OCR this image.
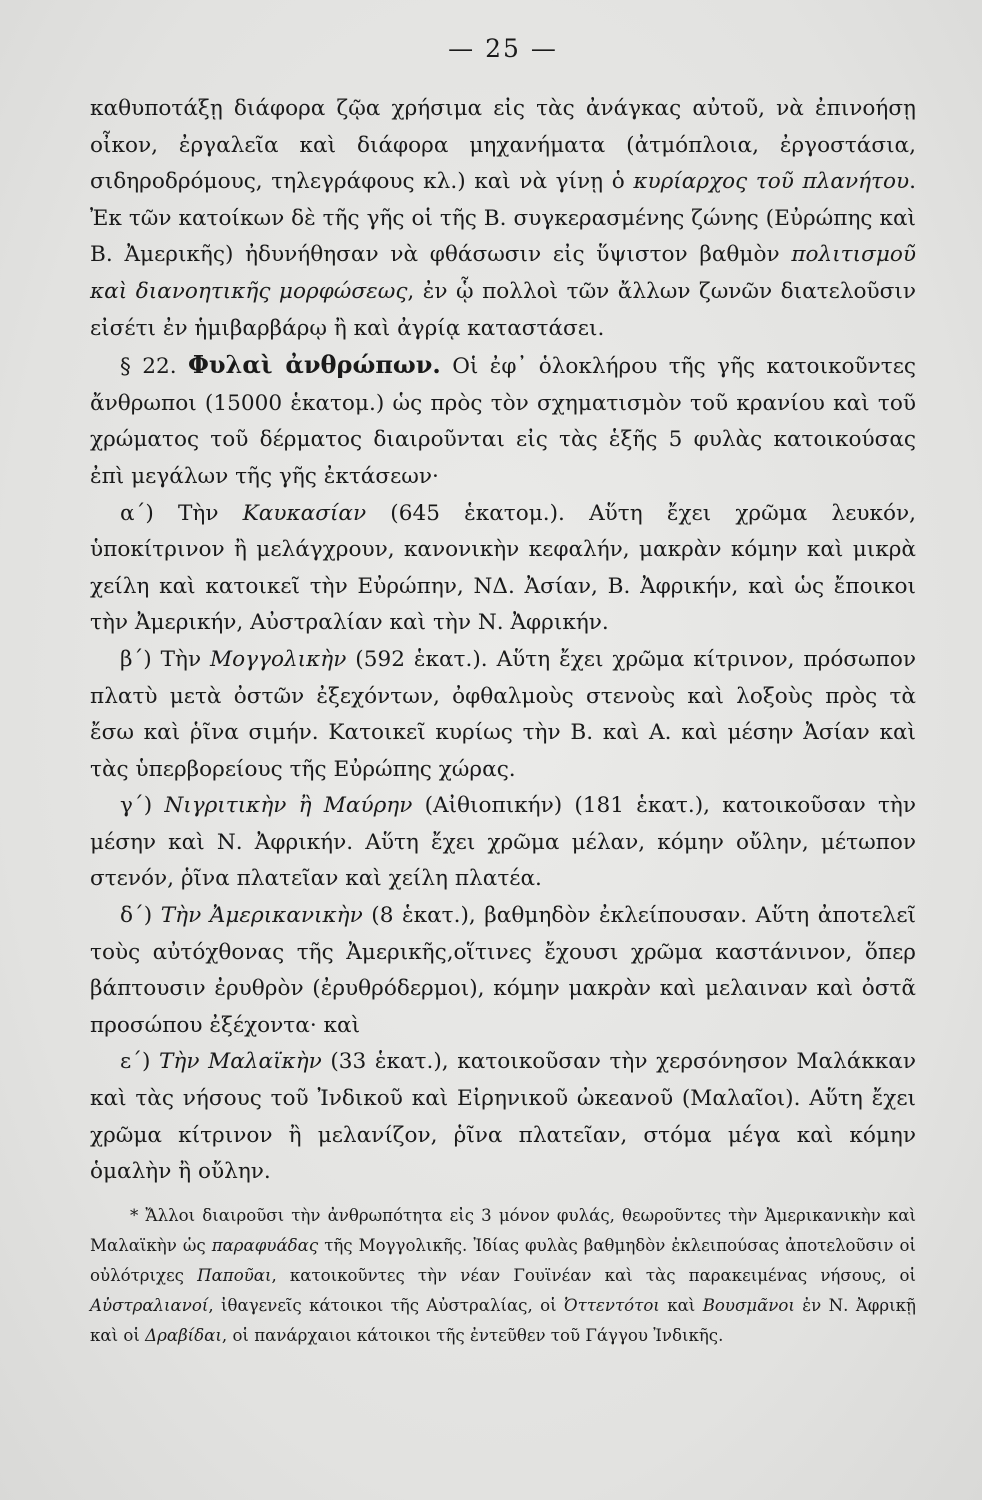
— 25 —

καθυποτάξῃ διάφορα ζῷα χρήσιμα εἰς τὰς ἀνάγκας αὐτοῦ, νὰ ἐπινοήσῃ οἶκον, ἐργαλεῖα καὶ διάφορα μηχανήματα (ἀτμόπλοια, ἐργοστάσια, σιδηροδρόμους, τηλεγράφους κλ.) καὶ νὰ γίνῃ ὁ κυρίαρχος τοῦ πλανήτου. Ἐκ τῶν κατοίκων δὲ τῆς γῆς οἱ τῆς Β. συγκερασμένης ζώνης (Εὐρώπης καὶ Β. Ἀμερικῆς) ἠδυνήθησαν νὰ φθάσωσιν εἰς ὕψιστον βαθμὸν πολιτισμοῦ καὶ διανοητικῆς μορφώσεως, ἐν ᾧ πολλοὶ τῶν ἄλλων ζωνῶν διατελοῦσιν εἰσέτι ἐν ἡμιβαρβάρῳ ἢ καὶ ἀγρίᾳ καταστάσει.

§ 22. Φυλαὶ ἀνθρώπων. Οἱ ἐφ᾽ ὁλοκλήρου τῆς γῆς κατοικοῦντες ἄνθρωποι (15000 ἑκατομ.) ὡς πρὸς τὸν σχηματισμὸν τοῦ κρανίου καὶ τοῦ χρώματος τοῦ δέρματος διαιροῦνται εἰς τὰς ἑξῆς 5 φυλὰς κατοικούσας ἐπὶ μεγάλων τῆς γῆς ἐκτάσεων·

α΄) Τὴν Καυκασίαν (645 ἑκατομ.). Αὕτη ἔχει χρῶμα λευκόν, ὑποκίτρινον ἢ μελάγχρουν, κανονικὴν κεφαλήν, μακρὰν κόμην καὶ μικρὰ χείλη καὶ κατοικεῖ τὴν Εὐρώπην, ΝΔ. Ἀσίαν, Β. Ἀφρικήν, καὶ ὡς ἔποικοι τὴν Ἀμερικήν, Αὐστραλίαν καὶ τὴν Ν. Ἀφρικήν.

β΄) Τὴν Μογγολικὴν (592 ἑκατ.). Αὕτη ἔχει χρῶμα κίτρινον, πρόσωπον πλατὺ μετὰ ὀστῶν ἐξεχόντων, ὀφθαλμοὺς στενοὺς καὶ λοξοὺς πρὸς τὰ ἔσω καὶ ῥῖνα σιμήν. Κατοικεῖ κυρίως τὴν Β. καὶ Α. καὶ μέσην Ἀσίαν καὶ τὰς ὑπερβορείους τῆς Εὐρώπης χώρας.

γ΄) Νιγριτικὴν ἢ Μαύρην (Αἰθιοπικήν) (181 ἑκατ.), κατοικοῦσαν τὴν μέσην καὶ Ν. Ἀφρικήν. Αὕτη ἔχει χρῶμα μέλαν, κόμην οὔλην, μέτωπον στενόν, ῥῖνα πλατεῖαν καὶ χείλη πλατέα.

δ΄) Τὴν Ἀμερικανικὴν (8 ἑκατ.), βαθμηδὸν ἐκλείπουσαν. Αὕτη ἀποτελεῖ τοὺς αὐτόχθονας τῆς Ἀμερικῆς,οἵτινες ἔχουσι χρῶμα καστάνινον, ὅπερ βάπτουσιν ἐρυθρὸν (ἐρυθρόδερμοι), κόμην μακρὰν καὶ μελαιναν καὶ ὀστᾶ προσώπου ἐξέχοντα· καὶ

ε΄) Τὴν Μαλαϊκὴν (33 ἑκατ.), κατοικοῦσαν τὴν χερσόνησον Μαλάκκαν καὶ τὰς νήσους τοῦ Ἰνδικοῦ καὶ Εἰρηνικοῦ ὠκεανοῦ (Μαλαῖοι). Αὕτη ἔχει χρῶμα κίτρινον ἢ μελανίζον, ῥῖνα πλατεῖαν, στόμα μέγα καὶ κόμην ὁμαλὴν ἢ οὔλην.

* Ἄλλοι διαιροῦσι τὴν ἀνθρωπότητα εἰς 3 μόνον φυλάς, θεωροῦντες τὴν Ἀμερικανικὴν καὶ Μαλαϊκὴν ὡς παραφυάδας τῆς Μογγολικῆς. Ἰδίας φυλὰς βαθμηδὸν ἐκλειπούσας ἀποτελοῦσιν οἱ οὐλότριχες Παποῦαι, κατοικοῦντες τὴν νέαν Γουϊνέαν καὶ τὰς παρακειμένας νήσους, οἱ Αὐστραλιανοί, ἰθαγενεῖς κάτοικοι τῆς Αὐστραλίας, οἱ Ὀττεντότοι καὶ Βουσμᾶνοι ἐν Ν. Ἀφρικῇ καὶ οἱ Δραβίδαι, οἱ πανάρχαιοι κάτοικοι τῆς ἐντεῦθεν τοῦ Γάγγου Ἰνδικῆς.
